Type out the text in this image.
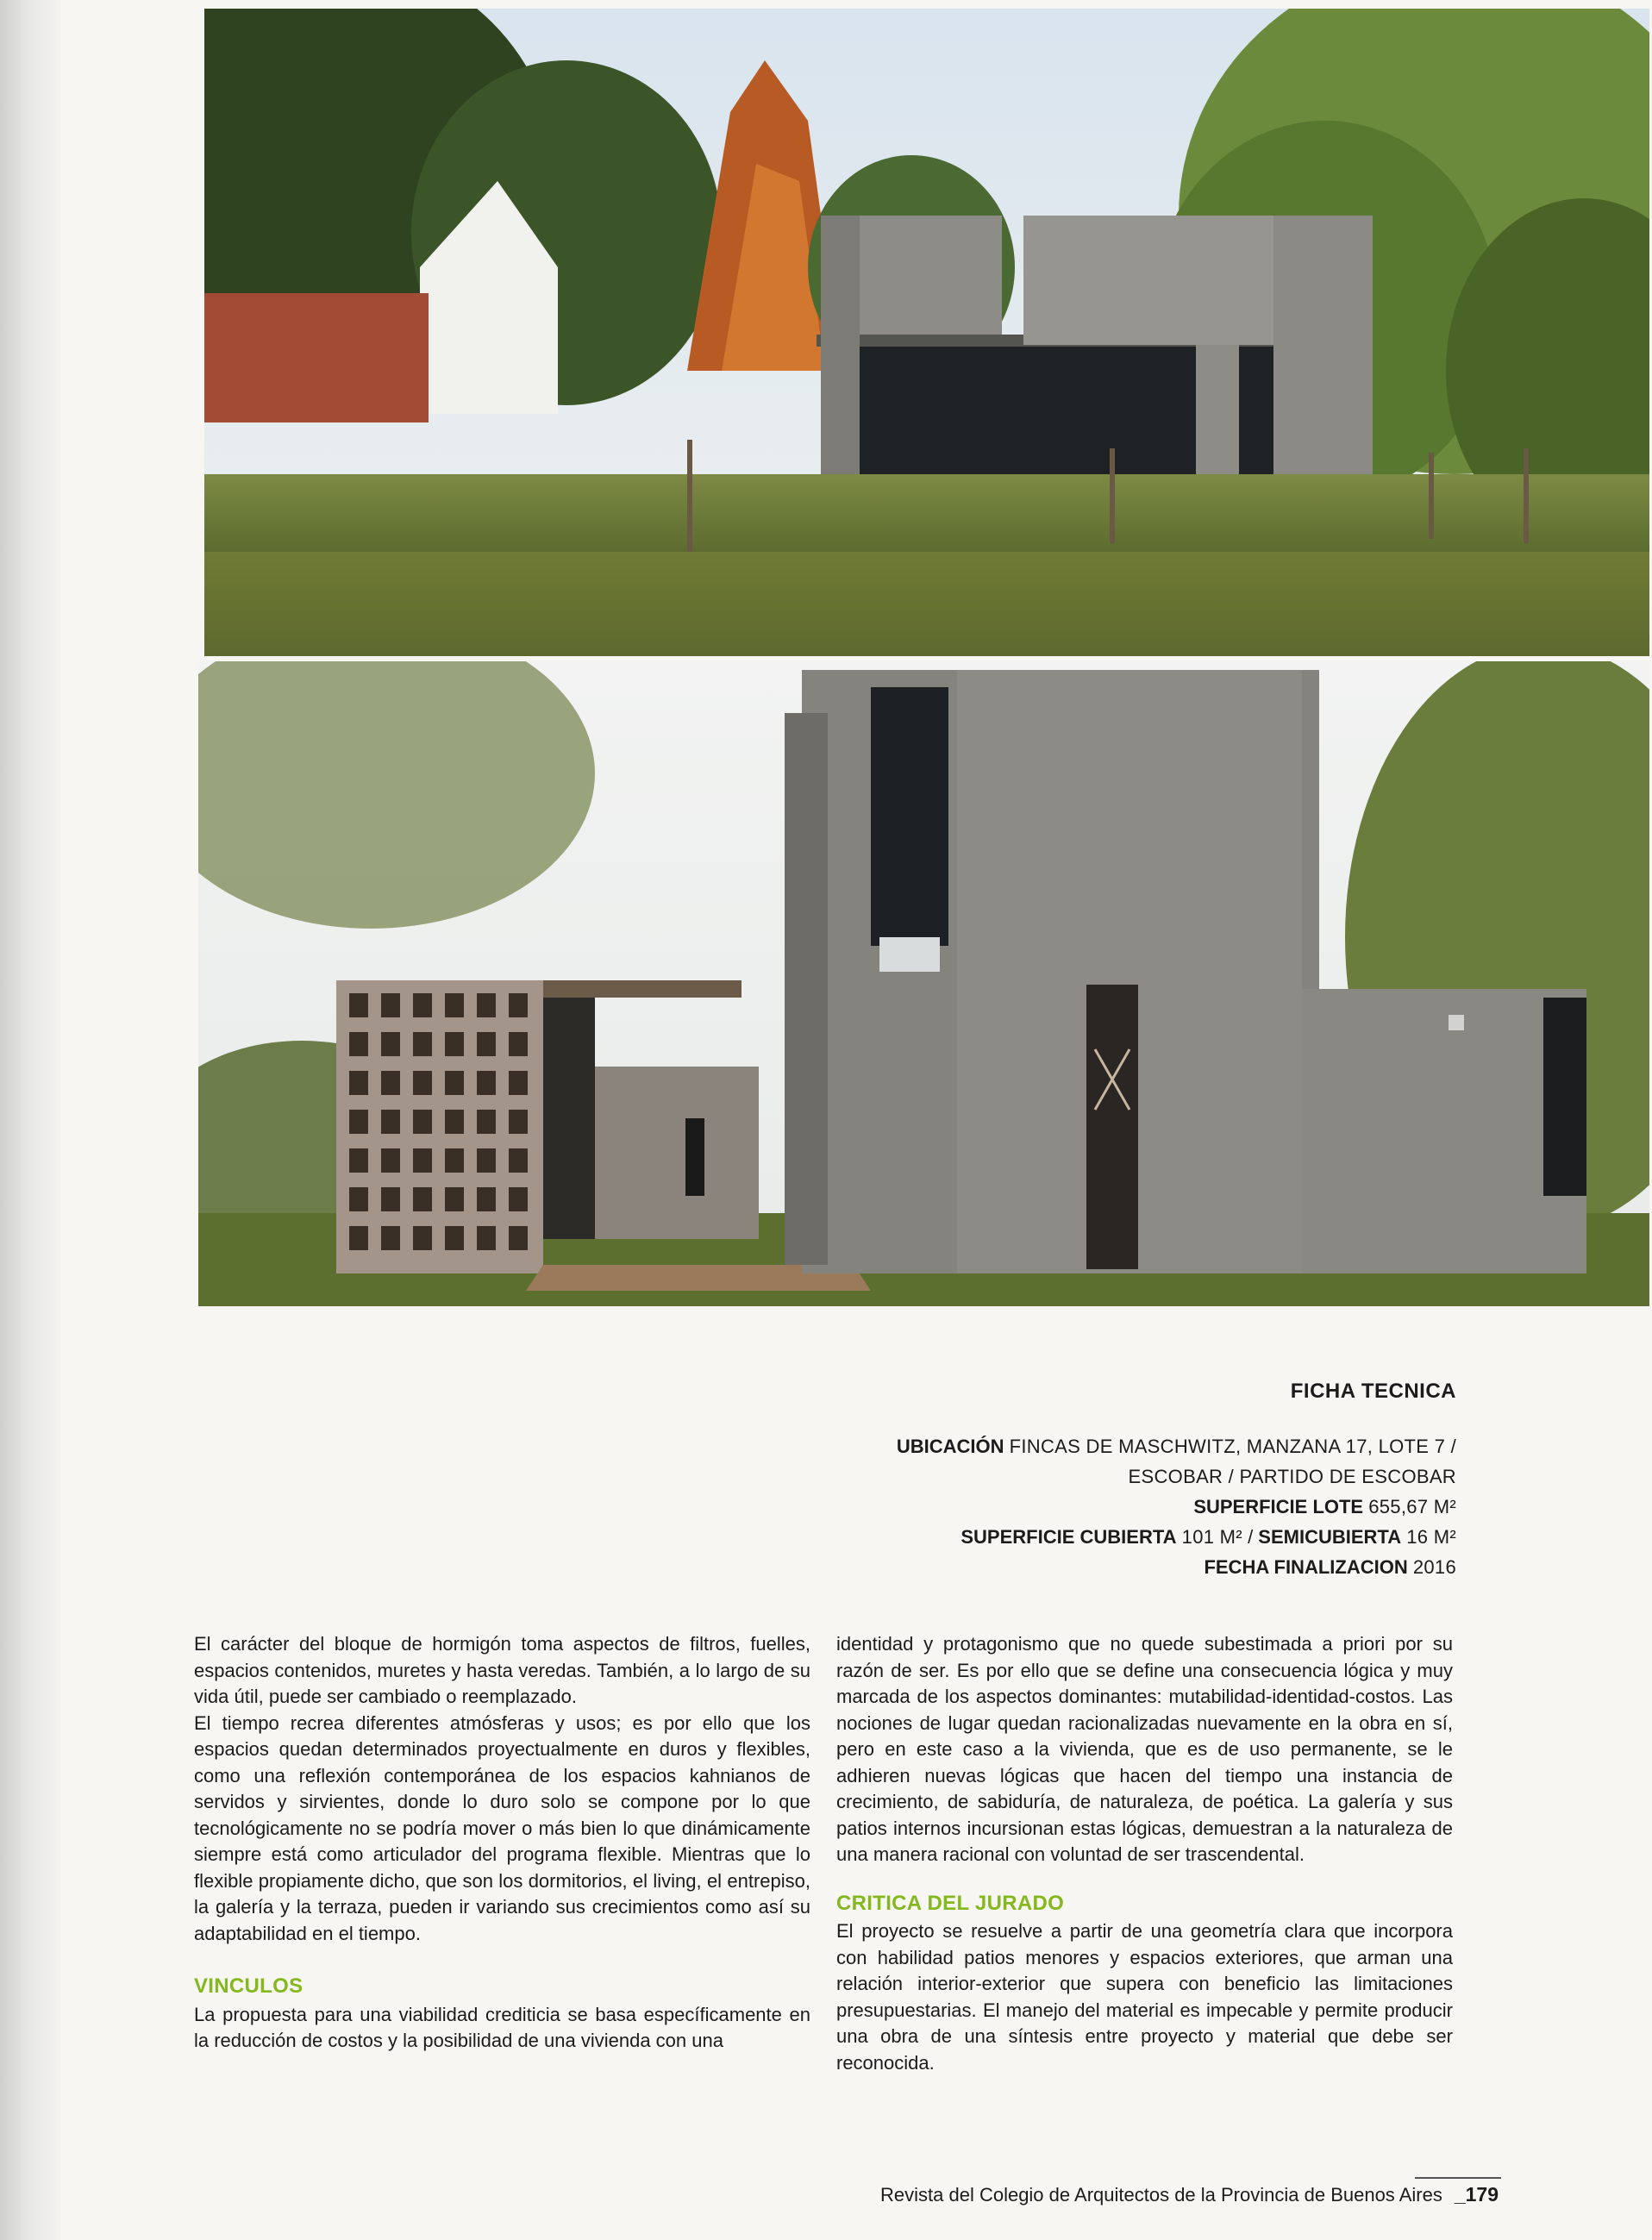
FICHA TECNICA
UBICACIÓN FINCAS DE MASCHWITZ, MANZANA 17, LOTE 7 /
ESCOBAR / PARTIDO DE ESCOBAR
SUPERFICIE LOTE 655,67 M²
SUPERFICIE CUBIERTA 101 M² / SEMICUBIERTA 16 M²
FECHA FINALIZACION 2016

El carácter del bloque de hormigón toma aspectos de filtros, fuelles, espacios contenidos, muretes y hasta veredas. También, a lo largo de su vida útil, puede ser cambiado o reemplazado.

El tiempo recrea diferentes atmósferas y usos; es por ello que los espacios quedan determinados proyectualmente en duros y flexibles, como una reflexión contemporánea de los espacios kahnianos de servidos y sirvientes, donde lo duro solo se compone por lo que tecnológicamente no se podría mover o más bien lo que dinámicamente siempre está como articulador del programa flexible. Mientras que lo flexible propiamente dicho, que son los dormitorios, el living, el entrepiso, la galería y la terraza, pueden ir variando sus crecimientos como así su adaptabilidad en el tiempo.

VINCULOS

La propuesta para una viabilidad crediticia se basa específicamente en la reducción de costos y la posibilidad de una vivienda con una

identidad y protagonismo que no quede subestimada a priori por su razón de ser. Es por ello que se define una consecuencia lógica y muy marcada de los aspectos dominantes: mutabilidad-identidad-costos. Las nociones de lugar quedan racionalizadas nuevamente en la obra en sí, pero en este caso a la vivienda, que es de uso permanente, se le adhieren nuevas lógicas que hacen del tiempo una instancia de crecimiento, de sabiduría, de naturaleza, de poética. La galería y sus patios internos incursionan estas lógicas, demuestran a la naturaleza de una manera racional con voluntad de ser trascendental.

CRITICA DEL JURADO

El proyecto se resuelve a partir de una geometría clara que incorpora con habilidad patios menores y espacios exteriores, que arman una relación interior-exterior que supera con beneficio las limitaciones presupuestarias. El manejo del material es impecable y permite producir una obra de una síntesis entre proyecto y material que debe ser reconocida.

Revista del Colegio de Arquitectos de la Provincia de Buenos Aires _179
